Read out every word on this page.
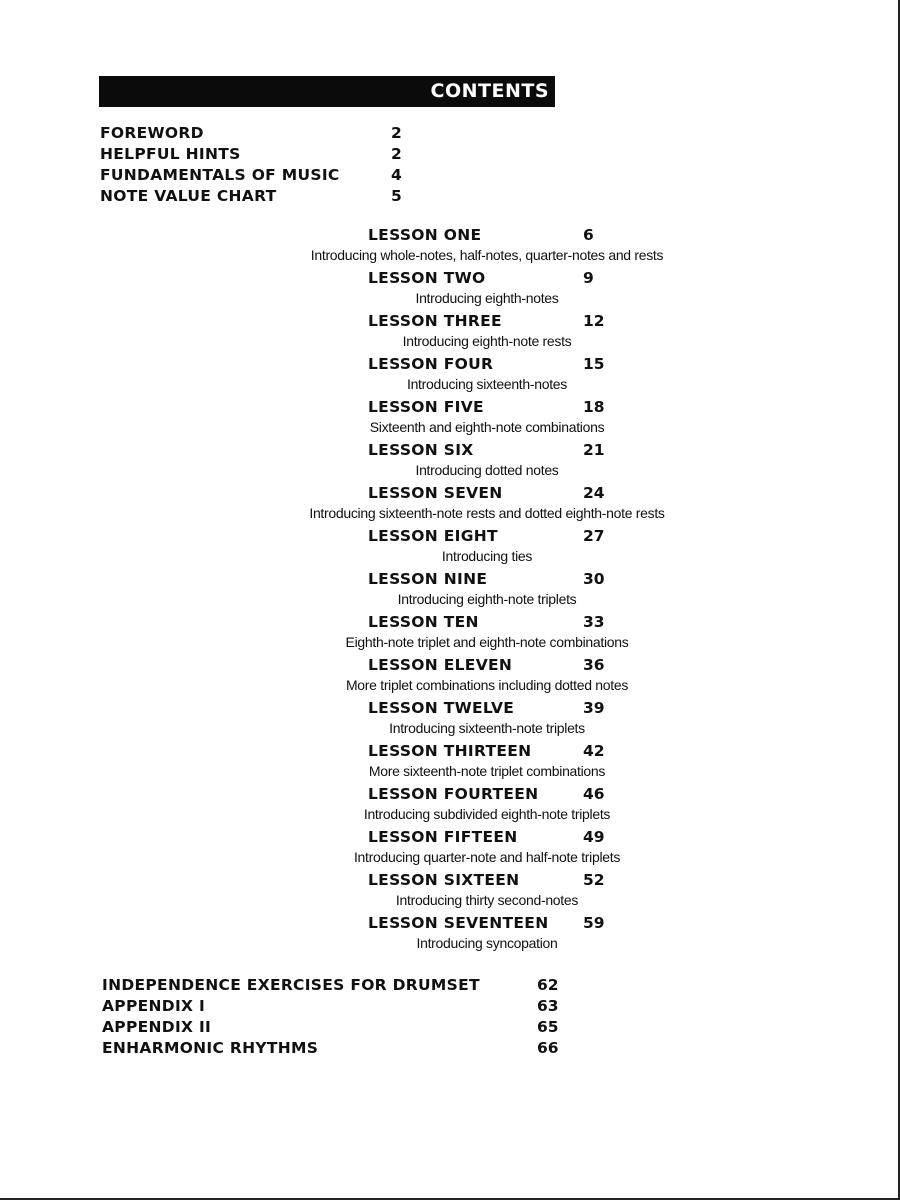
CONTENTS
FOREWORD	2
HELPFUL HINTS	2
FUNDAMENTALS OF MUSIC	4
NOTE VALUE CHART	5
LESSON ONE	6
Introducing whole-notes, half-notes, quarter-notes and rests
LESSON TWO	9
Introducing eighth-notes
LESSON THREE	12
Introducing eighth-note rests
LESSON FOUR	15
Introducing sixteenth-notes
LESSON FIVE	18
Sixteenth and eighth-note combinations
LESSON SIX	21
Introducing dotted notes
LESSON SEVEN	24
Introducing sixteenth-note rests and dotted eighth-note rests
LESSON EIGHT	27
Introducing ties
LESSON NINE	30
Introducing eighth-note triplets
LESSON TEN	33
Eighth-note triplet and eighth-note combinations
LESSON ELEVEN	36
More triplet combinations including dotted notes
LESSON TWELVE	39
Introducing sixteenth-note triplets
LESSON THIRTEEN	42
More sixteenth-note triplet combinations
LESSON FOURTEEN	46
Introducing subdivided eighth-note triplets
LESSON FIFTEEN	49
Introducing quarter-note and half-note triplets
LESSON SIXTEEN	52
Introducing thirty second-notes
LESSON SEVENTEEN 59
Introducing syncopation
INDEPENDENCE EXERCISES FOR DRUMSET	62
APPENDIX I	63
APPENDIX II	65
ENHARMONIC RHYTHMS	66
